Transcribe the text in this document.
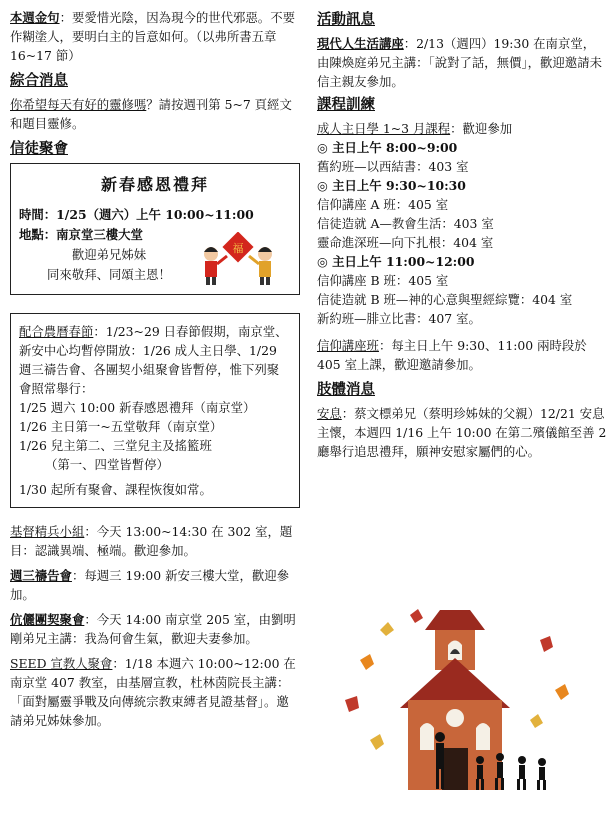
本週金句：要愛惜光陰，因為現今的世代邪惡。不要作糊塗人，要明白主的旨意如何。（以弗所書五章 16~17 節）

綜合消息

你希望每天有好的靈修嗎？請按週刊第 5~7 頁經文和題目靈修。

信徒聚會
新春感恩禮拜
時間：1/25（週六）上午 10:00~11:00
地點：南京堂三樓大堂
歡迎弟兄姊妹
同來敬拜、同頌主恩！
福

配合農曆春節：1/23~29 日春節假期，南京堂、新安中心均暫停開放：1/26 成人主日學、1/29 週三禱告會、各團契小組聚會皆暫停，惟下列聚會照常舉行：

1/25 週六 10:00 新春感恩禮拜（南京堂）
1/26 主日第一~五堂敬拜（南京堂）
1/26 兒主第二、三堂兒主及搖籃班
（第一、四堂皆暫停）
1/30 起所有聚會、課程恢復如常。

基督精兵小組：今天 13:00~14:30 在 302 室，題目：認識異端、極端。歡迎參加。

週三禱告會：每週三 19:00 新安三樓大堂，歡迎參加。

伉儷團契聚會：今天 14:00 南京堂 205 室，由劉明剛弟兄主講：我為何會生氣，歡迎夫妻參加。

SEED 宣教人聚會：1/18 本週六 10:00~12:00 在南京堂 407 教室，由基層宣教，杜林茵院長主講：「面對屬靈爭戰及向傳統宗教束縛者見證基督」。邀請弟兄姊妹參加。

活動訊息

現代人生活講座：2/13（週四）19:30 在南京堂，由陳煥庭弟兄主講：「說對了話，無價」，歡迎邀請未信主親友參加。

課程訓練
成人主日學 1~3 月課程：歡迎參加
◎ 主日上午 8:00~9:00
舊約班—以西結書：403 室
◎ 主日上午 9:30~10:30
信仰講座 A 班：405 室
信徒造就 A—教會生活：403 室
靈命進深班—向下扎根：404 室
◎ 主日上午 11:00~12:00
信仰講座 B 班：405 室
信徒造就 B 班—神的心意與聖經綜覽：404 室
新約班—腓立比書：407 室。

信仰講座班：每主日上午 9:30、11:00 兩時段於 405 室上課，歡迎邀請參加。

肢體消息

安息：蔡文標弟兄（蔡明珍姊妹的父親）12/21 安息主懷，本週四 1/16 上午 10:00 在第二殯儀館至善 2 廳舉行追思禮拜，願神安慰家屬們的心。
